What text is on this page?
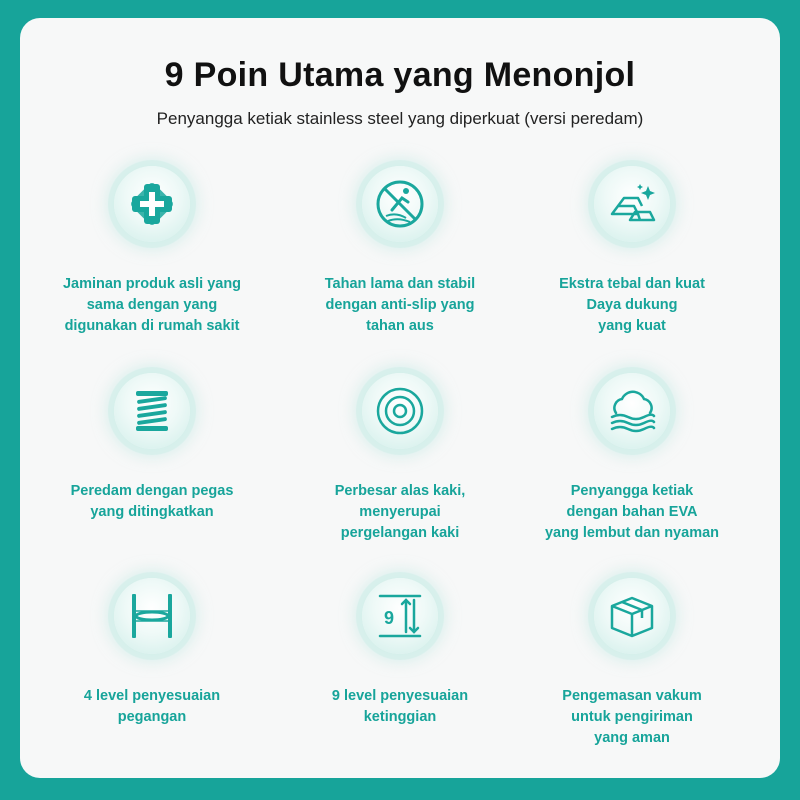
9 Poin Utama yang Menonjol
Penyangga ketiak stainless steel yang diperkuat (versi peredam)
Jaminan produk asli yang
sama dengan yang
digunakan di rumah sakit
Tahan lama dan stabil
dengan anti-slip yang
tahan aus
Ekstra tebal dan kuat
Daya dukung
yang kuat
Peredam dengan pegas
yang ditingkatkan
Perbesar alas kaki,
menyerupai
pergelangan kaki
Penyangga ketiak
dengan bahan EVA
yang lembut dan nyaman
4 level penyesuaian
pegangan
9
9 level penyesuaian
ketinggian
Pengemasan vakum
untuk pengiriman
yang aman
